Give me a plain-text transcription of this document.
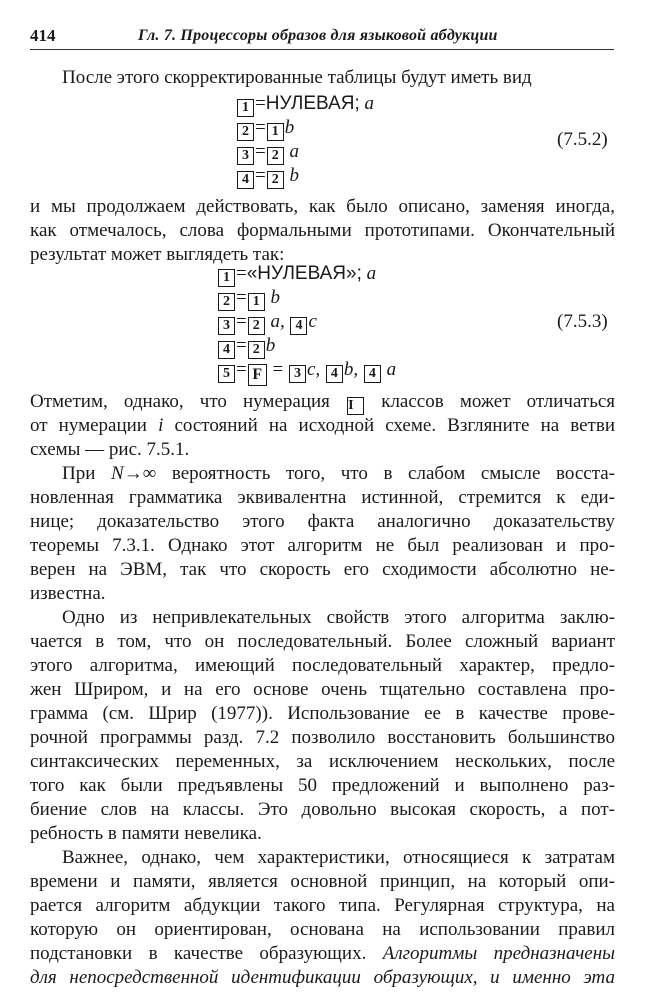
414	Гл. 7. Процессоры образов для языковой абдукции
После этого скорректированные таблицы будут иметь вид
1 =НУЛЕВАЯ; a
2 = 1 b
(7.5.2)
3 = 2 a
4 = 2 b
и мы продолжаем действовать, как было описано, заменяя иногда,
как отмечалось, слова формальными прототипами. Окончательный
результат может выглядеть так:
1 =«НУЛЕВАЯ»; a
2 = 1 b
3 = 2 a, 4 c	(7.5.3)
4 = 2 b
5 = F = 3 c, 4 b, 4 a
Отметим, однако, что нумерация I классов может отличаться
от нумерации i состояний на исходной схеме. Взгляните на ветви
схемы — рис. 7.5.1.
При N→∞ вероятность того, что в слабом смысле восста-
новленная грамматика эквивалентна истинной, стремится к еди-
нице; доказательство этого факта аналогично доказательству
теоремы 7.3.1. Однако этот алгоритм не был реализован и про-
верен на ЭВМ, так что скорость его сходимости абсолютно не-
известна.
Одно из непривлекательных свойств этого алгоритма заклю-
чается в том, что он последовательный. Более сложный вариант
этого алгоритма, имеющий последовательный характер, предло-
жен Шриром, и на его основе очень тщательно составлена про-
грамма (см. Шрир (1977)). Использование ее в качестве прове-
рочной программы разд. 7.2 позволило восстановить большинство
синтаксических переменных, за исключением нескольких, после
того как были предъявлены 50 предложений и выполнено раз-
биение слов на классы. Это довольно высокая скорость, а пот-
ребность в памяти невелика.
Важнее, однако, чем характеристики, относящиеся к затратам
времени и памяти, является основной принцип, на который опи-
рается алгоритм абдукции такого типа. Регулярная структура, на
которую он ориентирован, основана на использовании правил
подстановки в качестве образующих. Алгоритмы предназначены
для непосредственной идентификации образующих, и именно эта
